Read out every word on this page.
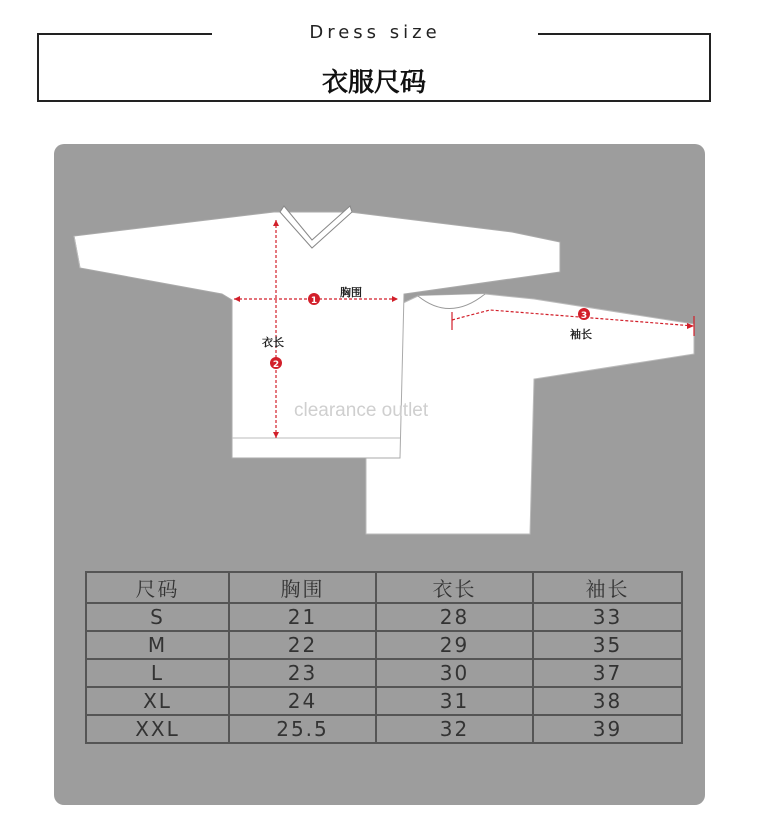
Dress size
衣服尺码
1
2
3
胸围
衣长
袖长
clearance outlet
尺码	胸围	衣长	袖长
S	21	28	33
M	22	29	35
L	23	30	37
XL	24	31	38
XXL	25.5	32	39
